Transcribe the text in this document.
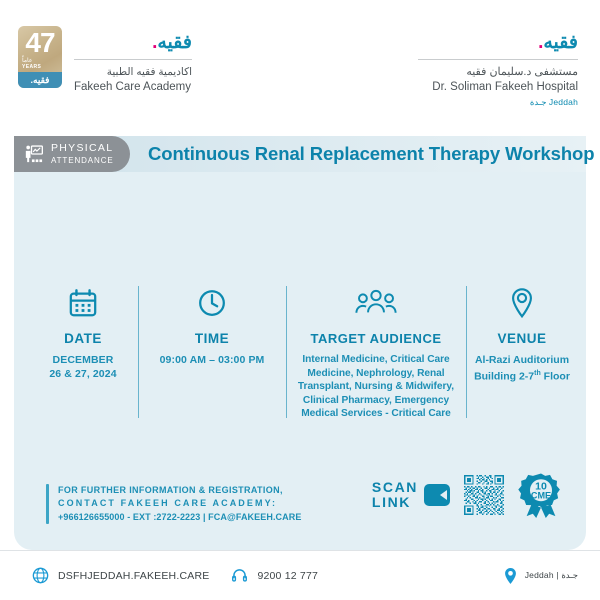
47
عاماً
YEARS
فقيه.
فقيه.
اكاديمية فقيه الطبية
Fakeeh Care Academy
فقيه.
مستشفى د.سليمان فقيه
Dr. Soliman Fakeeh Hospital
جـدة Jeddah
PHYSICAL
ATTENDANCE Continuous Renal Replacement Therapy Workshop
DATE
DECEMBER
26 & 27, 2024
TIME
09:00 AM – 03:00 PM
TARGET AUDIENCE
Internal Medicine, Critical Care Medicine, Nephrology, Renal Transplant, Nursing & Midwifery, Clinical Pharmacy, Emergency Medical Services - Critical Care
VENUE
Al-Razi Auditorium
Building 2-7th Floor
FOR FURTHER INFORMATION & REGISTRATION,
CONTACT FAKEEH CARE ACADEMY:
+966126655000 - EXT :2722-2223 | FCA@FAKEEH.CARE
SCAN
LINK
10
CME
DSFHJEDDAH.FAKEEH.CARE	9200 12 777	Jeddah | جـدة
